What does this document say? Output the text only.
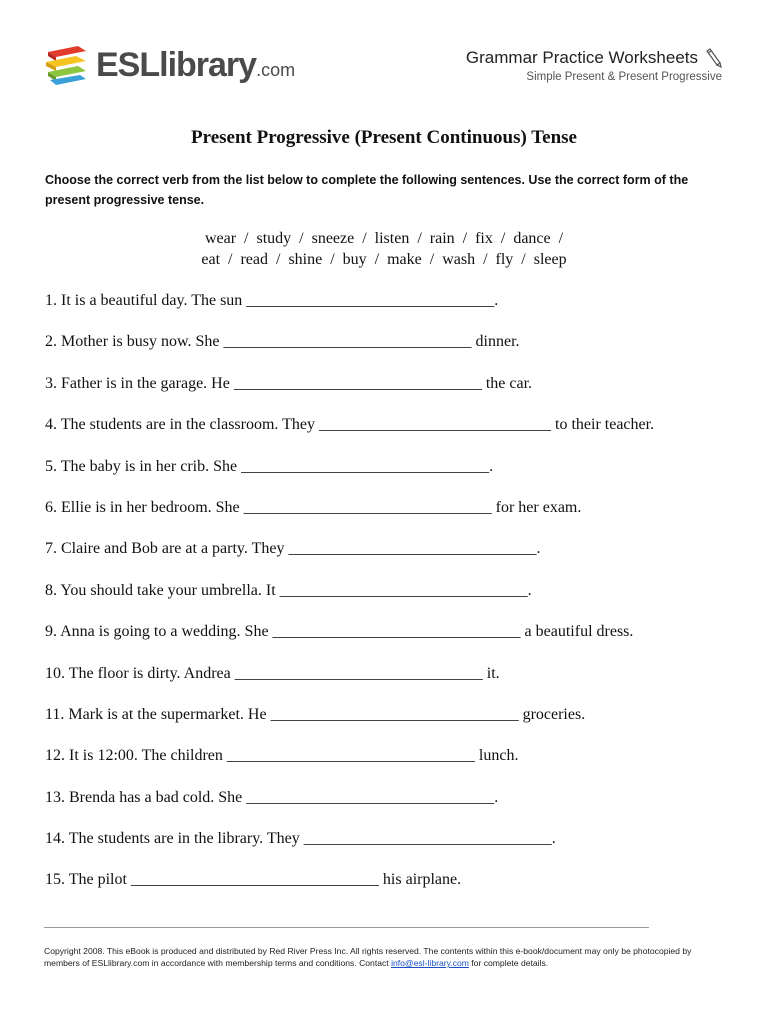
ESLlibrary.com
Grammar Practice Worksheets
Simple Present & Present Progressive
Present Progressive (Present Continuous) Tense
Choose the correct verb from the list below to complete the following sentences. Use the correct form of the present progressive tense.
wear  /  study  /  sneeze  /  listen  /  rain  /  fix  /  dance  /
eat  /  read  /  shine  /  buy  /  make  /  wash  /  fly  /  sleep
1. It is a beautiful day. The sun _______________________________.
2. Mother is busy now. She _______________________________ dinner.
3. Father is in the garage. He _______________________________ the car.
4. The students are in the classroom. They _____________________________ to their teacher.
5. The baby is in her crib. She _______________________________.
6. Ellie is in her bedroom. She _______________________________ for her exam.
7. Claire and Bob are at a party. They _______________________________.
8. You should take your umbrella. It _______________________________.
9. Anna is going to a wedding. She _______________________________ a beautiful dress.
10. The floor is dirty. Andrea _______________________________ it.
11. Mark is at the supermarket. He _______________________________ groceries.
12. It is 12:00. The children _______________________________ lunch.
13. Brenda has a bad cold. She _______________________________.
14. The students are in the library. They _______________________________.
15. The pilot _______________________________ his airplane.
Copyright 2008. This eBook is produced and distributed by Red River Press Inc. All rights reserved. The contents within this e-book/document may only be photocopied by members of ESLlibrary.com in accordance with membership terms and conditions. Contact info@esl-library.com for complete details.
